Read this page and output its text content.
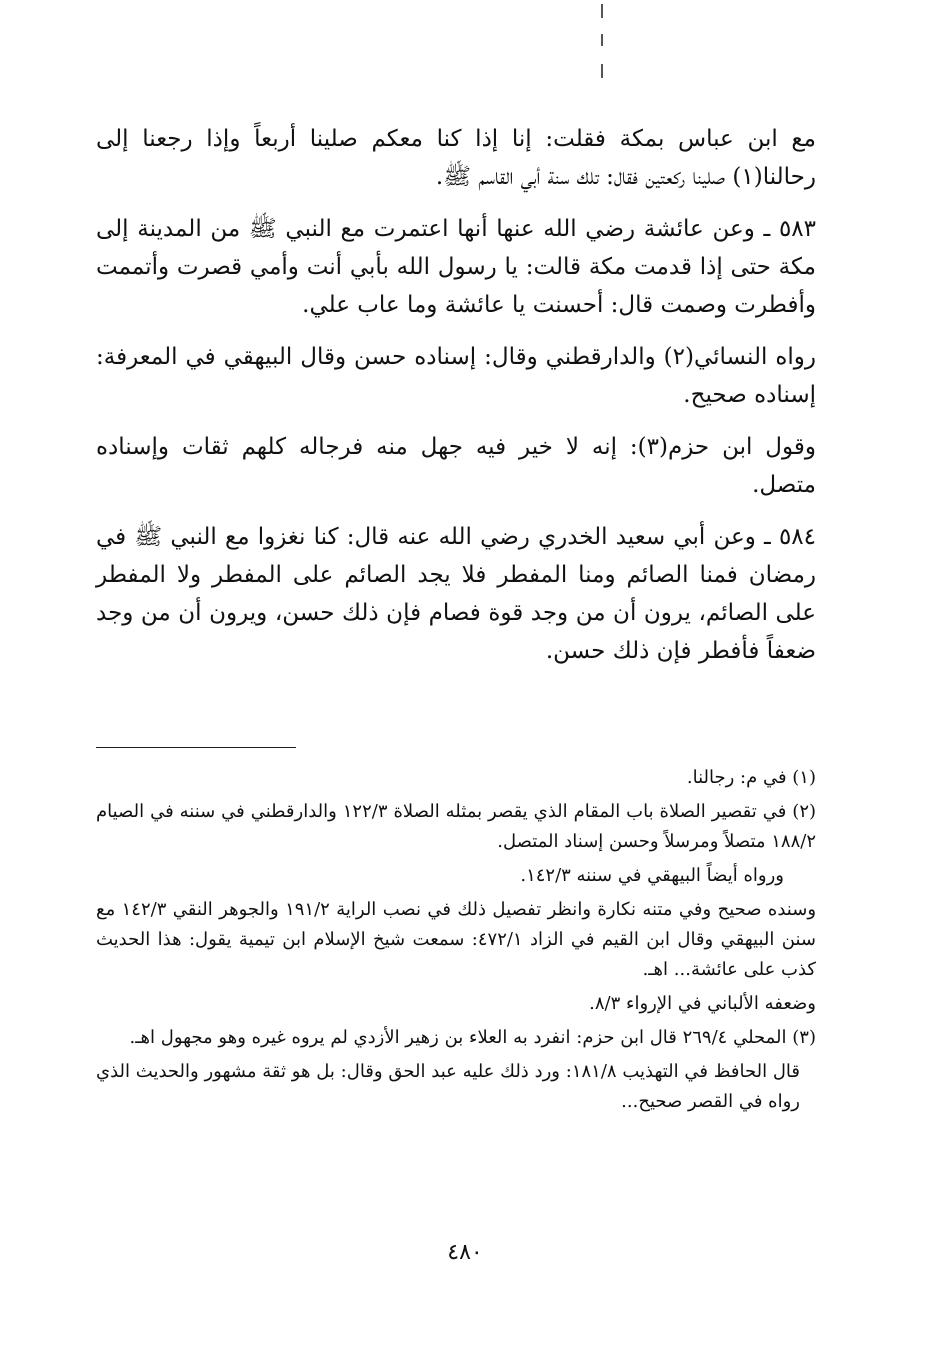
مع ابن عباس بمكة فقلت: إنا إذا كنا معكم صلينا أربعاً وإذا رجعنا إلى رحالنا(١) صلينا ركعتين فقال: تلك سنة أبي القاسم ﷺ.

٥٨٣ ـ وعن عائشة رضي الله عنها أنها اعتمرت مع النبي ﷺ من المدينة إلى مكة حتى إذا قدمت مكة قالت: يا رسول الله بأبي أنت وأمي قصرت وأتممت وأفطرت وصمت قال: أحسنت يا عائشة وما عاب علي.

رواه النسائي(٢) والدارقطني وقال: إسناده حسن وقال البيهقي في المعرفة: إسناده صحيح.

وقول ابن حزم(٣): إنه لا خير فيه جهل منه فرجاله كلهم ثقات وإسناده متصل.

٥٨٤ ـ وعن أبي سعيد الخدري رضي الله عنه قال: كنا نغزوا مع النبي ﷺ في رمضان فمنا الصائم ومنا المفطر فلا يجد الصائم على المفطر ولا المفطر على الصائم، يرون أن من وجد قوة فصام فإن ذلك حسن، ويرون أن من وجد ضعفاً فأفطر فإن ذلك حسن.

(١) في م: رجالنا.

(٢) في تقصير الصلاة باب المقام الذي يقصر بمثله الصلاة ١٢٢/٣ والدارقطني في سننه في الصيام ١٨٨/٢ متصلاً ومرسلاً وحسن إسناد المتصل.

ورواه أيضاً البيهقي في سننه ١٤٢/٣.

وسنده صحيح وفي متنه نكارة وانظر تفصيل ذلك في نصب الراية ١٩١/٢ والجوهر النقي ١٤٢/٣ مع سنن البيهقي وقال ابن القيم في الزاد ٤٧٢/١: سمعت شيخ الإسلام ابن تيمية يقول: هذا الحديث كذب على عائشة... اهـ.

وضعفه الألباني في الإرواء ٨/٣.

(٣) المحلي ٢٦٩/٤ قال ابن حزم: انفرد به العلاء بن زهير الأزدي لم يروه غيره وهو مجهول اهـ.

قال الحافظ في التهذيب ١٨١/٨: ورد ذلك عليه عبد الحق وقال: بل هو ثقة مشهور والحديث الذي رواه في القصر صحيح...

٤٨٠
